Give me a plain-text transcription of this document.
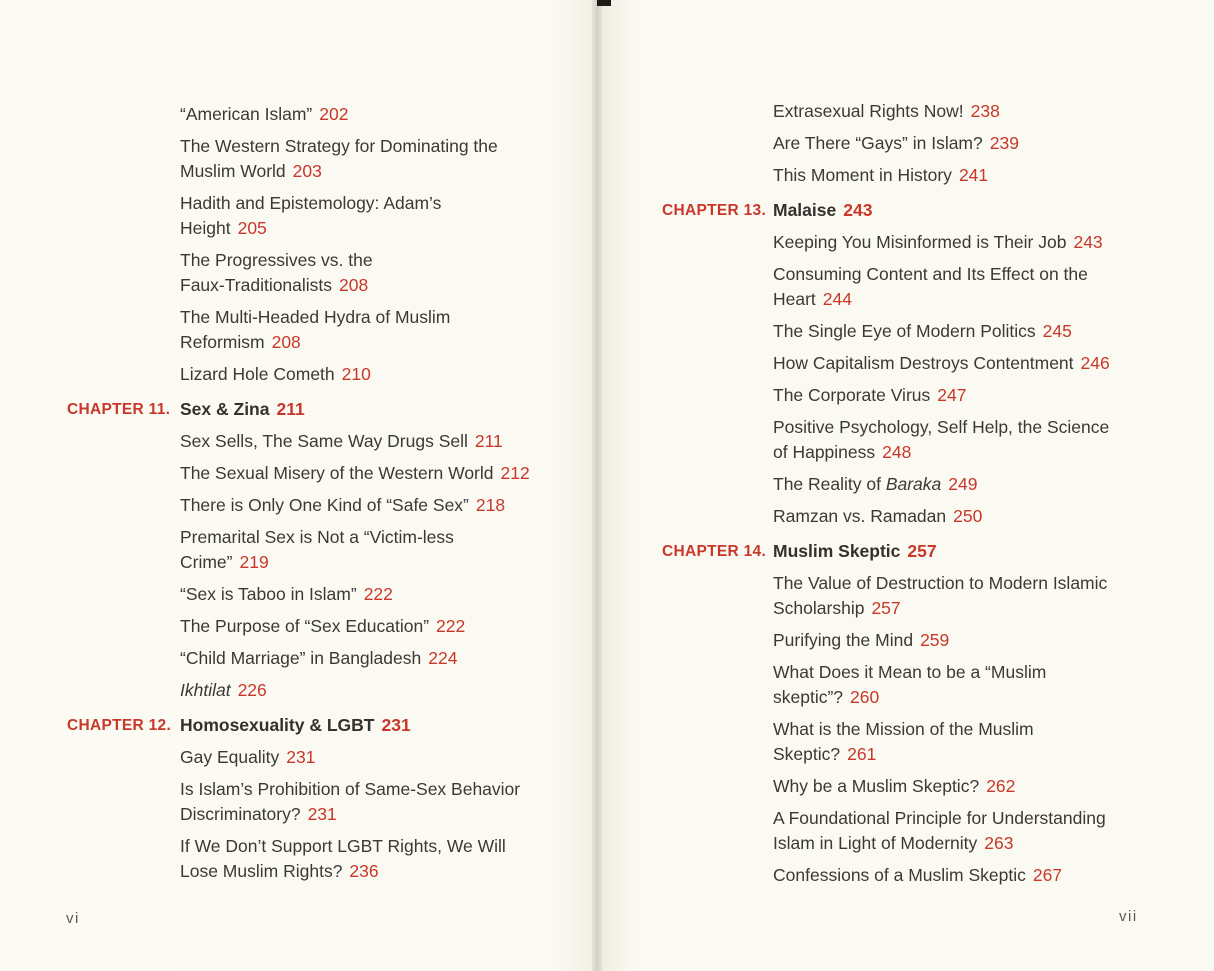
“American Islam” 202
The Western Strategy for Dominating the
Muslim World 203
Hadith and Epistemology: Adam’s
Height 205
The Progressives vs. the
Faux-Traditionalists 208
The Multi-Headed Hydra of Muslim
Reformism 208
Lizard Hole Cometh 210
CHAPTER 11. Sex & Zina 211
Sex Sells, The Same Way Drugs Sell 211
The Sexual Misery of the Western World 212
There is Only One Kind of “Safe Sex” 218
Premarital Sex is Not a “Victim-less
Crime” 219
“Sex is Taboo in Islam” 222
The Purpose of “Sex Education” 222
“Child Marriage” in Bangladesh 224
Ikhtilat 226
CHAPTER 12. Homosexuality & LGBT 231
Gay Equality 231
Is Islam’s Prohibition of Same-Sex Behavior
Discriminatory? 231
If We Don’t Support LGBT Rights, We Will
Lose Muslim Rights? 236
vi
Extrasexual Rights Now! 238
Are There “Gays” in Islam? 239
This Moment in History 241
CHAPTER 13. Malaise 243
Keeping You Misinformed is Their Job 243
Consuming Content and Its Effect on the
Heart 244
The Single Eye of Modern Politics 245
How Capitalism Destroys Contentment 246
The Corporate Virus 247
Positive Psychology, Self Help, the Science
of Happiness 248
The Reality of Baraka 249
Ramzan vs. Ramadan 250
CHAPTER 14. Muslim Skeptic 257
The Value of Destruction to Modern Islamic
Scholarship 257
Purifying the Mind 259
What Does it Mean to be a “Muslim
skeptic”? 260
What is the Mission of the Muslim
Skeptic? 261
Why be a Muslim Skeptic? 262
A Foundational Principle for Understanding
Islam in Light of Modernity 263
Confessions of a Muslim Skeptic 267
vii
